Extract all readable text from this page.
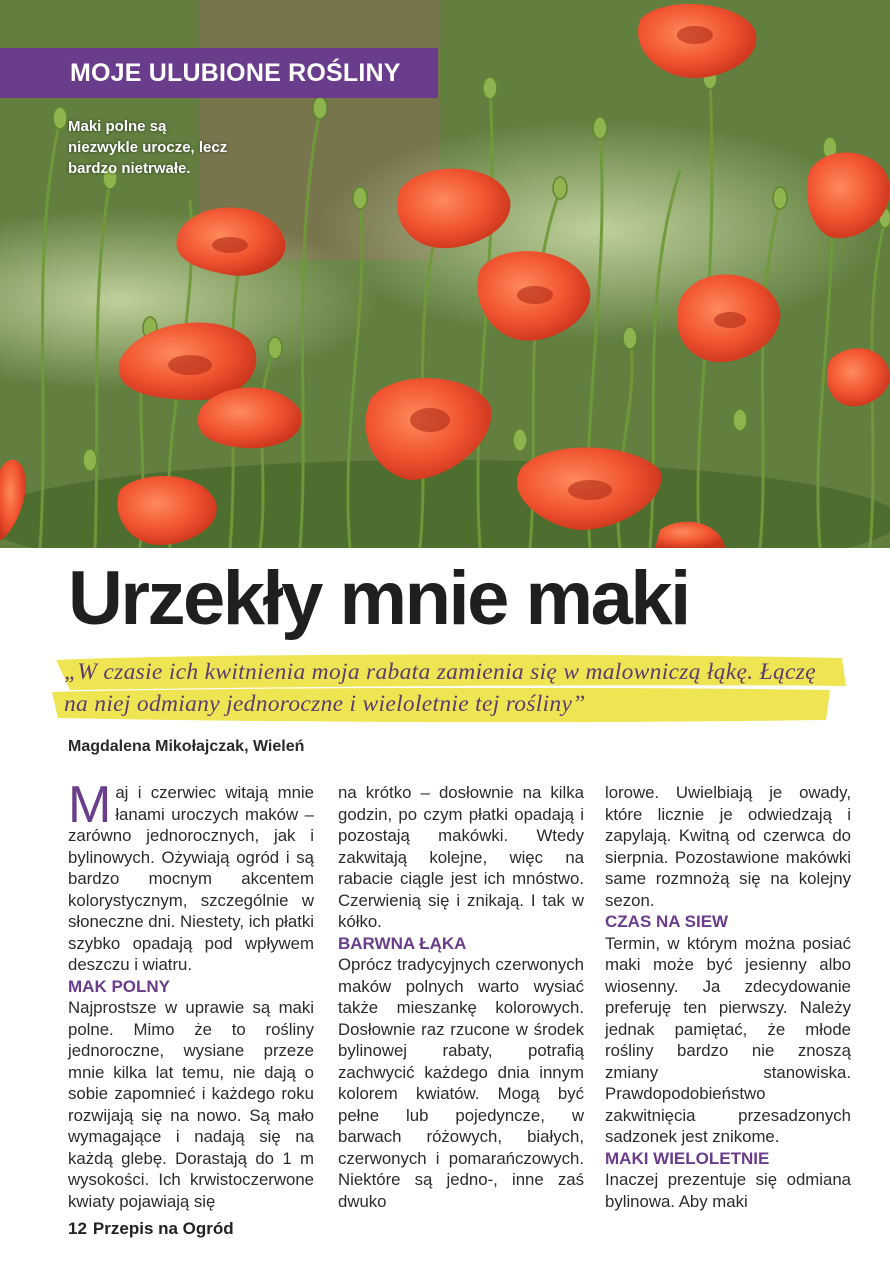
MOJE ULUBIONE ROŚLINY
Maki polne są niezwykle urocze, lecz bardzo nietrwałe.
Urzekły mnie maki
„W czasie ich kwitnienia moja rabata zamienia się w malowniczą łąkę. Łączę na niej odmiany jednoroczne i wieloletnie tej rośliny”
Magdalena Mikołajczak, Wieleń

Maj i czerwiec witają mnie łanami uroczych maków – zarówno jednorocznych, jak i bylinowych. Ożywiają ogród i są bardzo mocnym akcentem kolorystycznym, szczególnie w słoneczne dni. Niestety, ich płatki szybko opadają pod wpływem deszczu i wiatru.

MAK POLNY

Najprostsze w uprawie są maki polne. Mimo że to rośliny jednoroczne, wysiane przeze mnie kilka lat temu, nie dają o sobie zapomnieć i każdego roku rozwijają się na nowo. Są mało wymagające i nadają się na każdą glebę. Dorastają do 1 m wysokości. Ich krwistoczerwone kwiaty pojawiają się

na krótko – dosłownie na kilka godzin, po czym płatki opadają i pozostają makówki. Wtedy zakwitają kolejne, więc na rabacie ciągle jest ich mnóstwo. Czerwienią się i znikają. I tak w kółko.

BARWNA ŁĄKA

Oprócz tradycyjnych czerwonych maków polnych warto wysiać także mieszankę kolorowych. Dosłownie raz rzucone w środek bylinowej rabaty, potrafią zachwycić każdego dnia innym kolorem kwiatów. Mogą być pełne lub pojedyncze, w barwach różowych, białych, czerwonych i pomarańczowych. Niektóre są jedno-, inne zaś dwuko

lorowe. Uwielbiają je owady, które licznie je odwiedzają i zapylają. Kwitną od czerwca do sierpnia. Pozostawione makówki same rozmnożą się na kolejny sezon.

CZAS NA SIEW

Termin, w którym można posiać maki może być jesienny albo wiosenny. Ja zdecydowanie preferuję ten pierwszy. Należy jednak pamiętać, że młode rośliny bardzo nie znoszą zmiany stanowiska. Prawdopodobieństwo zakwitnięcia przesadzonych sadzonek jest znikome.

MAKI WIELOLETNIE

Inaczej prezentuje się odmiana bylinowa. Aby maki

12 Przepis na Ogród
